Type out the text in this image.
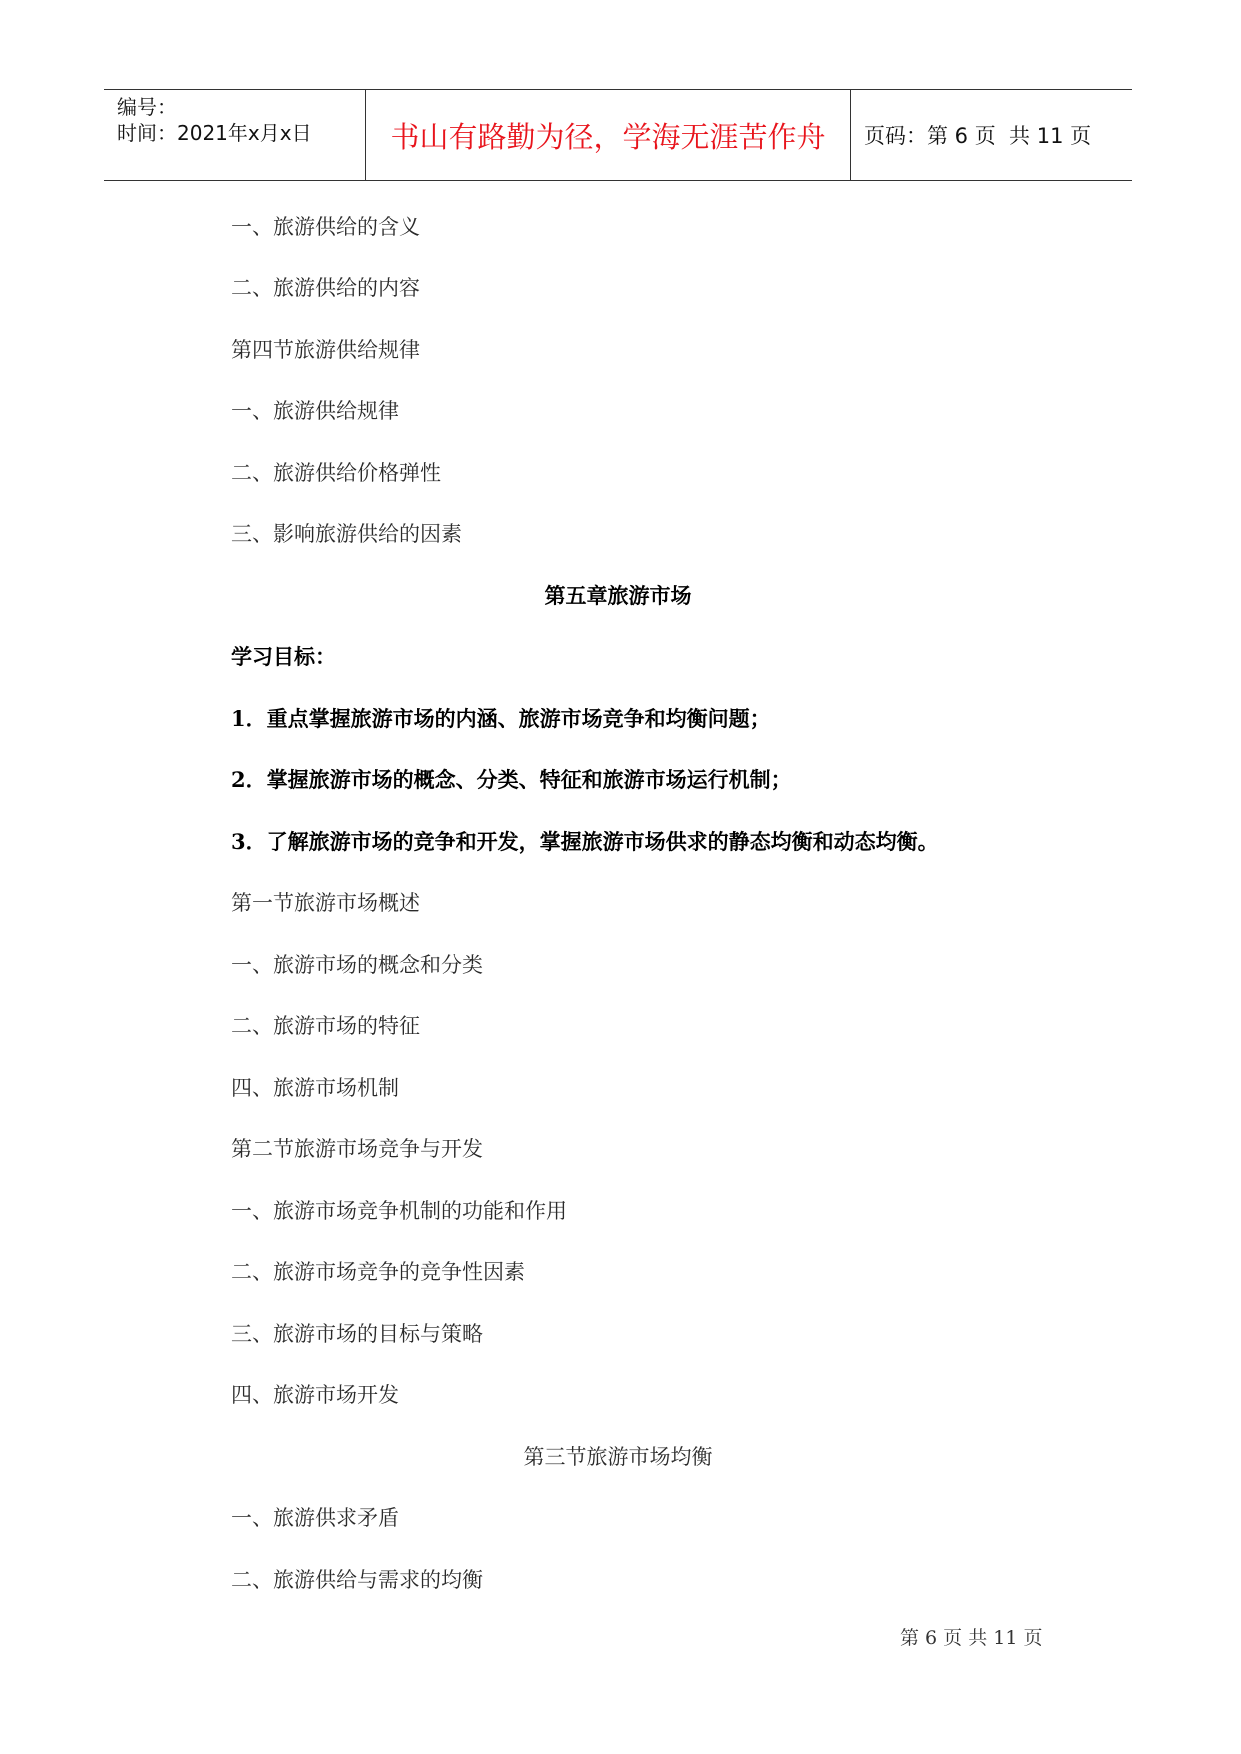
编号：
时间：2021年x月x日	书山有路勤为径，学海无涯苦作舟	页码：第 6 页  共 11 页
一、旅游供给的含义
二、旅游供给的内容
第四节旅游供给规律
一、旅游供给规律
二、旅游供给价格弹性
三、影响旅游供给的因素
第五章旅游市场
学习目标：
1．重点掌握旅游市场的内涵、旅游市场竞争和均衡问题；
2．掌握旅游市场的概念、分类、特征和旅游市场运行机制；
3．了解旅游市场的竞争和开发，掌握旅游市场供求的静态均衡和动态均衡。
第一节旅游市场概述
一、旅游市场的概念和分类
二、旅游市场的特征
四、旅游市场机制
第二节旅游市场竞争与开发
一、旅游市场竞争机制的功能和作用
二、旅游市场竞争的竞争性因素
三、旅游市场的目标与策略
四、旅游市场开发
第三节旅游市场均衡
一、旅游供求矛盾
二、旅游供给与需求的均衡
第 6 页 共 11 页
